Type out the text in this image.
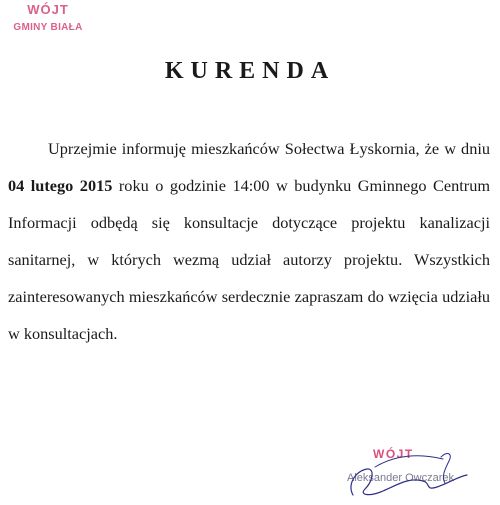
WÓJT
GMINY BIAŁA
KURENDA

Uprzejmie informuję mieszkańców Sołectwa Łyskornia, że w dniu 04 lutego 2015 roku o godzinie 14:00 w budynku Gminnego Centrum Informacji odbędą się konsultacje dotyczące projektu kanalizacji sanitarnej, w których wezmą udział autorzy projektu. Wszystkich zainteresowanych mieszkańców serdecznie zapraszam do wzięcia udziału w konsultacjach.

WÓJT
Aleksander Owczarek
